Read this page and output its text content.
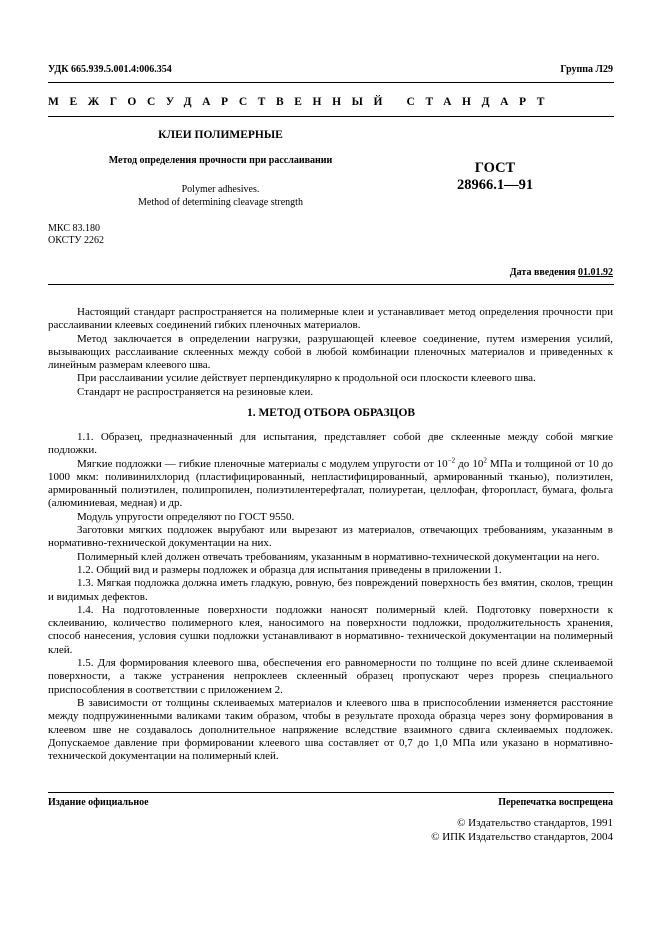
УДК 665.939.5.001.4:006.354	Группа Л29
МЕЖГОСУДАРСТВЕННЫЙ СТАНДАРТ
КЛЕИ ПОЛИМЕРНЫЕ
Метод определения прочности при расслаивании
Polymer adhesives.
Method of determining cleavage strength
ГОСТ
28966.1—91
МКС 83.180
ОКСТУ 2262
Дата введения 01.01.92

Настоящий стандарт распространяется на полимерные клеи и устанавливает метод определения прочности при расслаивании клеевых соединений гибких пленочных материалов.

Метод заключается в определении нагрузки, разрушающей клеевое соединение, путем измерения усилий, вызывающих расслаивание склеенных между собой в любой комбинации пленочных материалов и приведенных к линейным размерам клеевого шва.

При расслаивании усилие действует перпендикулярно к продольной оси плоскости клеевого шва.

Стандарт не распространяется на резиновые клеи.

1. МЕТОД ОТБОРА ОБРАЗЦОВ

1.1. Образец, предназначенный для испытания, представляет собой две склеенные между собой мягкие подложки.

Мягкие подложки — гибкие пленочные материалы с модулем упругости от $10^{-2}$ до $10^2$ МПа и толщиной от 10 до 1000 мкм: поливинилхлорид (пластифицированный, непластифицированный, армированный тканью), полиэтилен, армированный полиэтилен, полипропилен, полиэтилентерефталат, полиуретан, целлофан, фторопласт, бумага, фольга (алюминиевая, медная) и др.

Модуль упругости определяют по ГОСТ 9550.

Заготовки мягких подложек вырубают или вырезают из материалов, отвечающих требованиям, указанным в нормативно-технической документации на них.

Полимерный клей должен отвечать требованиям, указанным в нормативно-технической документации на него.

1.2. Общий вид и размеры подложек и образца для испытания приведены в приложении 1.

1.3. Мягкая подложка должна иметь гладкую, ровную, без повреждений поверхность без вмятин, сколов, трещин и видимых дефектов.

1.4. На подготовленные поверхности подложки наносят полимерный клей. Подготовку поверхности к склеиванию, количество полимерного клея, наносимого на поверхности подложки, продолжительность хранения, способ нанесения, условия сушки подложки устанавливают в нормативно- технической документации на полимерный клей.

1.5. Для формирования клеевого шва, обеспечения его равномерности по толщине по всей длине склеиваемой поверхности, а также устранения непроклеев склеенный образец пропускают через прорезь специального приспособления в соответствии с приложением 2.

В зависимости от толщины склеиваемых материалов и клеевого шва в приспособлении изменяется расстояние между подпружиненными валиками таким образом, чтобы в результате прохода образца через зону формирования в клеевом шве не создавалось дополнительное напряжение вследствие взаимного сдвига склеиваемых подложек. Допускаемое давление при формировании клеевого шва составляет от 0,7 до 1,0 МПа или указано в нормативно-технической документации на полимерный клей.

Издание официальное	Перепечатка воспрещена
© Издательство стандартов, 1991
© ИПК Издательство стандартов, 2004
